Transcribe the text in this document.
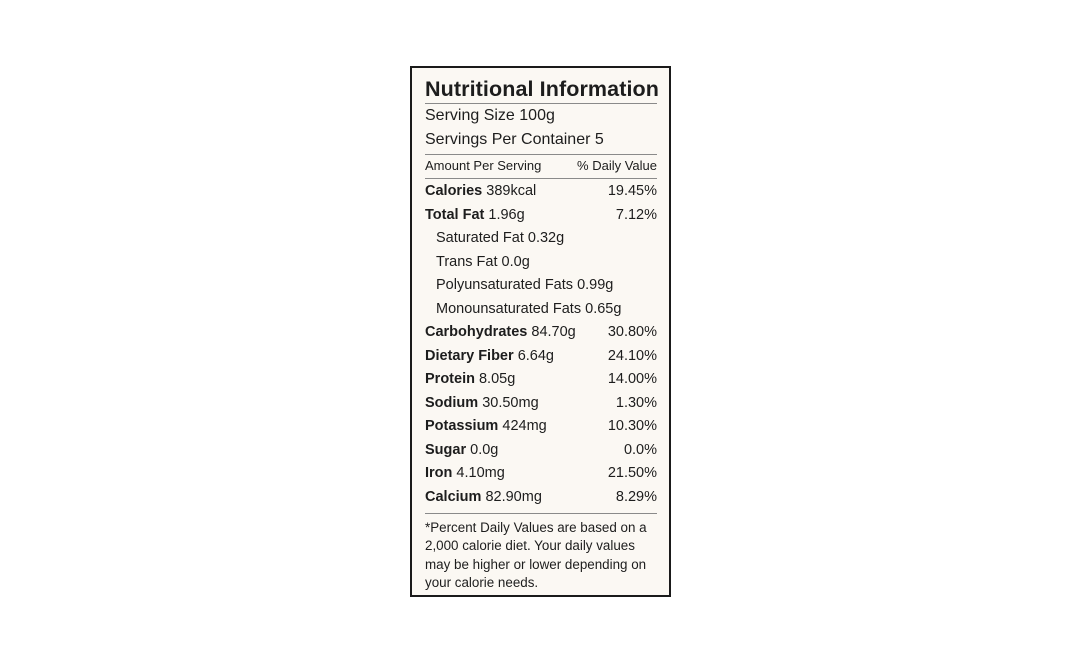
Nutritional Information
Serving Size 100g
Servings Per Container 5
Amount Per Serving	% Daily Value
Calories 389kcal	19.45%
Total Fat 1.96g	7.12%
Saturated Fat 0.32g
Trans Fat 0.0g
Polyunsaturated Fats 0.99g
Monounsaturated Fats 0.65g
Carbohydrates 84.70g 30.80%
Dietary Fiber 6.64g	24.10%
Protein 8.05g	14.00%
Sodium 30.50mg	1.30%
Potassium 424mg	10.30%
Sugar 0.0g	0.0%
Iron 4.10mg	21.50%
Calcium 82.90mg	8.29%
*Percent Daily Values are based on a 2,000 calorie diet. Your daily values may be higher or lower depending on your calorie needs.
